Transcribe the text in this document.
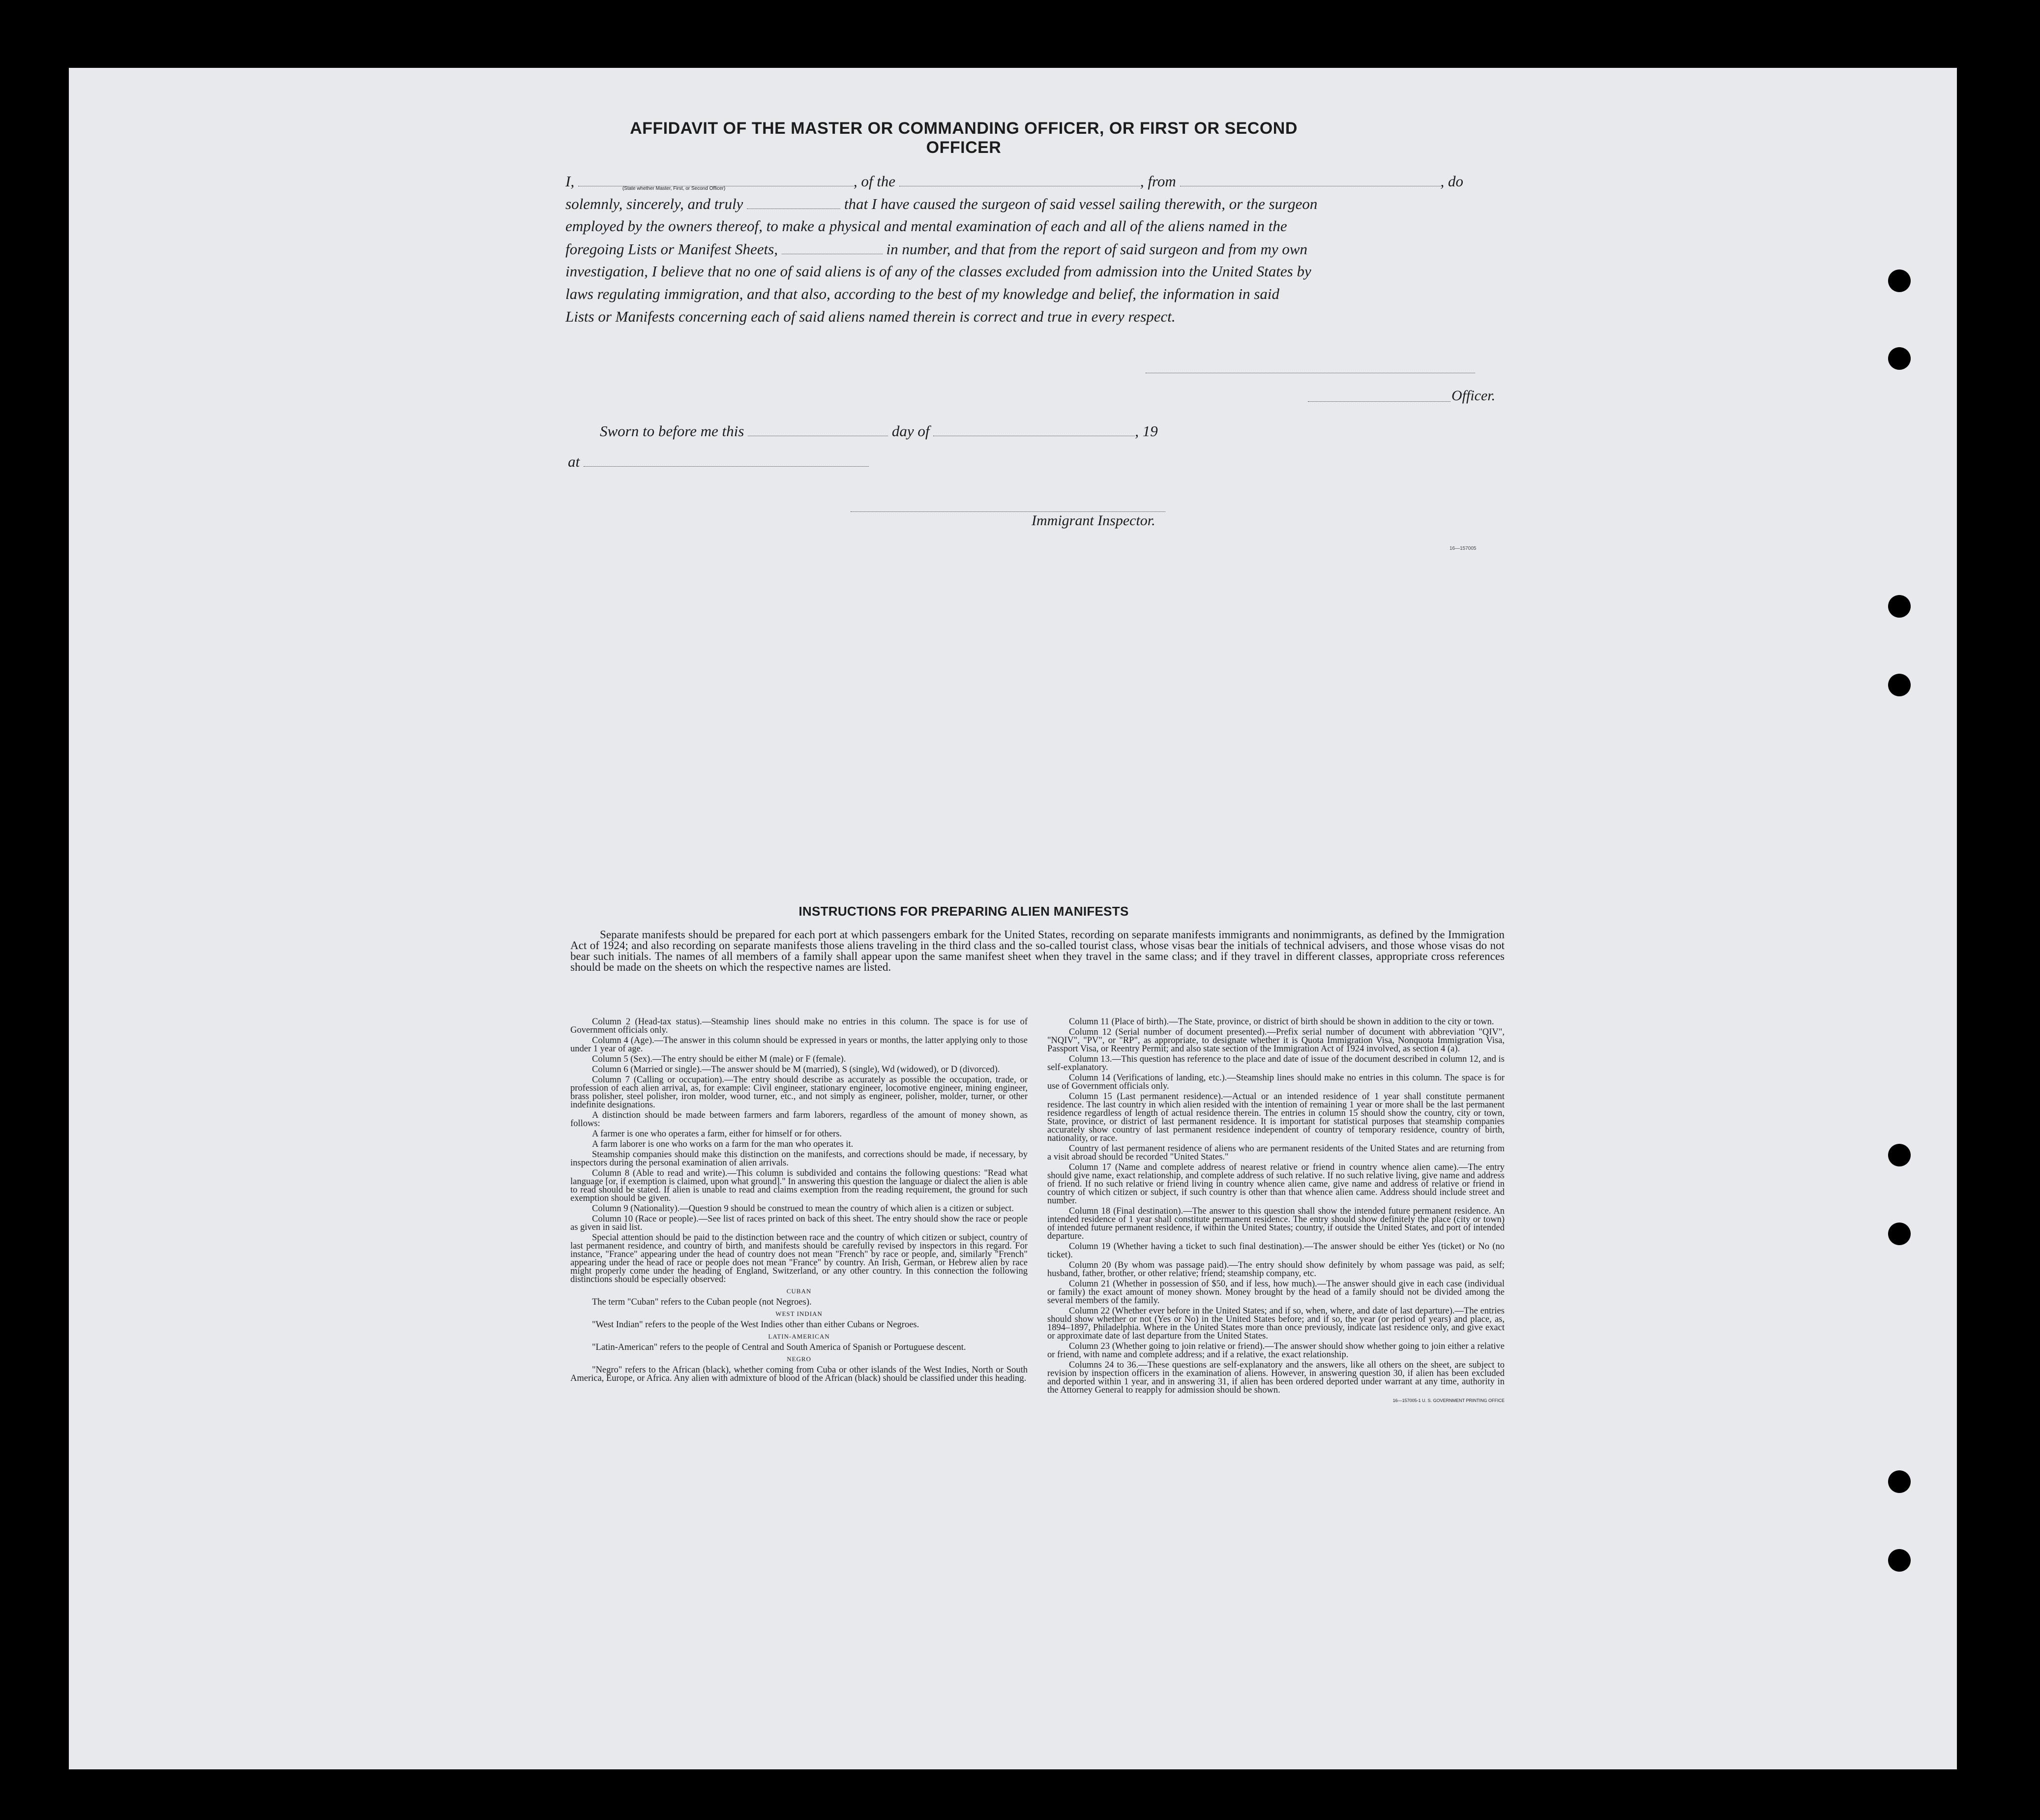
AFFIDAVIT OF THE MASTER OR COMMANDING OFFICER, OR FIRST OR SECOND OFFICER
I,	(State whether Master, First, or Second Officer)	, of the	, from	, do
solemnly, sincerely, and truly	that I have caused the surgeon of said vessel sailing therewith, or the surgeon
employed by the owners thereof, to make a physical and mental examination of each and all of the aliens named in the
foregoing Lists or Manifest Sheets,	in number, and that from the report of said surgeon and from my own
investigation, I believe that no one of said aliens is of any of the classes excluded from admission into the United States by
laws regulating immigration, and that also, according to the best of my knowledge and belief, the information in said
Lists or Manifests concerning each of said aliens named therein is correct and true in every respect.
Officer.
Sworn to before me this	day of	, 19
at
Immigrant Inspector.
16—157005
INSTRUCTIONS FOR PREPARING ALIEN MANIFESTS

Separate manifests should be prepared for each port at which passengers embark for the United States, recording on separate manifests immigrants and nonimmigrants, as defined by the Immigration Act of 1924; and also recording on separate manifests those aliens traveling in the third class and the so-called tourist class, whose visas bear the initials of technical advisers, and those whose visas do not bear such initials. The names of all members of a family shall appear upon the same manifest sheet when they travel in the same class; and if they travel in different classes, appropriate cross references should be made on the sheets on which the respective names are listed.

Column 2 (Head-tax status).—Steamship lines should make no entries in this column. The space is for use of Government officials only.

Column 4 (Age).—The answer in this column should be expressed in years or months, the latter applying only to those under 1 year of age.

Column 5 (Sex).—The entry should be either M (male) or F (female).

Column 6 (Married or single).—The answer should be M (married), S (single), Wd (widowed), or D (divorced).

Column 7 (Calling or occupation).—The entry should describe as accurately as possible the occupation, trade, or profession of each alien arrival, as, for example: Civil engineer, stationary engineer, locomotive engineer, mining engineer, brass polisher, steel polisher, iron molder, wood turner, etc., and not simply as engineer, polisher, molder, turner, or other indefinite designations.

A distinction should be made between farmers and farm laborers, regardless of the amount of money shown, as follows:

A farmer is one who operates a farm, either for himself or for others.

A farm laborer is one who works on a farm for the man who operates it.

Steamship companies should make this distinction on the manifests, and corrections should be made, if necessary, by inspectors during the personal examination of alien arrivals.

Column 8 (Able to read and write).—This column is subdivided and contains the following questions: "Read what language [or, if exemption is claimed, upon what ground]." In answering this question the language or dialect the alien is able to read should be stated. If alien is unable to read and claims exemption from the reading requirement, the ground for such exemption should be given.

Column 9 (Nationality).—Question 9 should be construed to mean the country of which alien is a citizen or subject.

Column 10 (Race or people).—See list of races printed on back of this sheet. The entry should show the race or people as given in said list.

Special attention should be paid to the distinction between race and the country of which citizen or subject, country of last permanent residence, and country of birth, and manifests should be carefully revised by inspectors in this regard. For instance, "France" appearing under the head of country does not mean "French" by race or people, and, similarly "French" appearing under the head of race or people does not mean "France" by country. An Irish, German, or Hebrew alien by race might properly come under the heading of England, Switzerland, or any other country. In this connection the following distinctions should be especially observed:

CUBAN

The term "Cuban" refers to the Cuban people (not Negroes).

WEST INDIAN

"West Indian" refers to the people of the West Indies other than either Cubans or Negroes.

LATIN-AMERICAN

"Latin-American" refers to the people of Central and South America of Spanish or Portuguese descent.

NEGRO

"Negro" refers to the African (black), whether coming from Cuba or other islands of the West Indies, North or South America, Europe, or Africa. Any alien with admixture of blood of the African (black) should be classified under this heading.

Column 11 (Place of birth).—The State, province, or district of birth should be shown in addition to the city or town.

Column 12 (Serial number of document presented).—Prefix serial number of document with abbreviation "QIV", "NQIV", "PV", or "RP", as appropriate, to designate whether it is Quota Immigration Visa, Nonquota Immigration Visa, Passport Visa, or Reentry Permit; and also state section of the Immigration Act of 1924 involved, as section 4 (a).

Column 13.—This question has reference to the place and date of issue of the document described in column 12, and is self-explanatory.

Column 14 (Verifications of landing, etc.).—Steamship lines should make no entries in this column. The space is for use of Government officials only.

Column 15 (Last permanent residence).—Actual or an intended residence of 1 year shall constitute permanent residence. The last country in which alien resided with the intention of remaining 1 year or more shall be the last permanent residence regardless of length of actual residence therein. The entries in column 15 should show the country, city or town, State, province, or district of last permanent residence. It is important for statistical purposes that steamship companies accurately show country of last permanent residence independent of country of temporary residence, country of birth, nationality, or race.

Country of last permanent residence of aliens who are permanent residents of the United States and are returning from a visit abroad should be recorded "United States."

Column 17 (Name and complete address of nearest relative or friend in country whence alien came).—The entry should give name, exact relationship, and complete address of such relative. If no such relative living, give name and address of friend. If no such relative or friend living in country whence alien came, give name and address of relative or friend in country of which citizen or subject, if such country is other than that whence alien came. Address should include street and number.

Column 18 (Final destination).—The answer to this question shall show the intended future permanent residence. An intended residence of 1 year shall constitute permanent residence. The entry should show definitely the place (city or town) of intended future permanent residence, if within the United States; country, if outside the United States, and port of intended departure.

Column 19 (Whether having a ticket to such final destination).—The answer should be either Yes (ticket) or No (no ticket).

Column 20 (By whom was passage paid).—The entry should show definitely by whom passage was paid, as self; husband, father, brother, or other relative; friend; steamship company, etc.

Column 21 (Whether in possession of $50, and if less, how much).—The answer should give in each case (individual or family) the exact amount of money shown. Money brought by the head of a family should not be divided among the several members of the family.

Column 22 (Whether ever before in the United States; and if so, when, where, and date of last departure).—The entries should show whether or not (Yes or No) in the United States before; and if so, the year (or period of years) and place, as, 1894–1897, Philadelphia. Where in the United States more than once previously, indicate last residence only, and give exact or approximate date of last departure from the United States.

Column 23 (Whether going to join relative or friend).—The answer should show whether going to join either a relative or friend, with name and complete address; and if a relative, the exact relationship.

Columns 24 to 36.—These questions are self-explanatory and the answers, like all others on the sheet, are subject to revision by inspection officers in the examination of aliens. However, in answering question 30, if alien has been excluded and deported within 1 year, and in answering 31, if alien has been ordered deported under warrant at any time, authority in the Attorney General to reapply for admission should be shown.

16—157005-1 U. S. GOVERNMENT PRINTING OFFICE
